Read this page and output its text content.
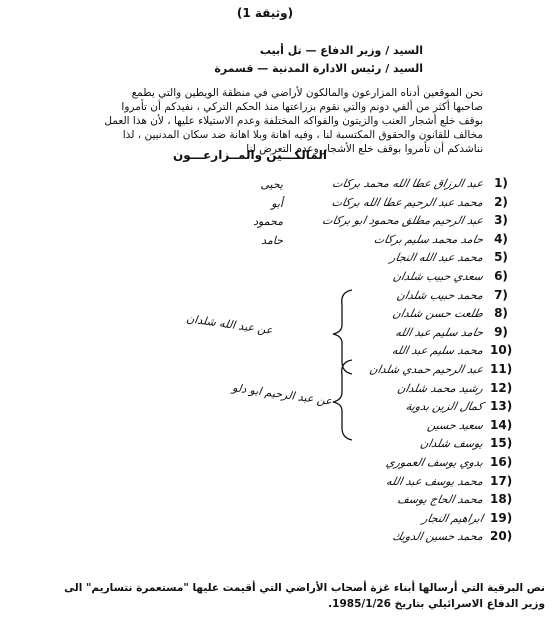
(وثيقة 1)
السيد / وزير الدفاع — تل أبيب
السيد / رئيس الادارة المدنية — قسمرة
نحن الموقعين أدناه المزارعون والمالكون لأراضي في منطقة الويطين والتي يطمع
صاحبها أكثر من ألفي دونم والتي نقوم بزراعتها منذ الحكم التركي ، نفيدكم أن تأمروا
بوقف خلع أشجار العنب والزيتون والفواكه المختلفة وعدم الاستيلاء عليها ، لأن هذا العمل
مخالف للقانون والحقوق المكتسبة لنا ، وفيه اهانة وبلا اهانة ضد سكان المدنيين ، لذا
نناشدكم أن تأمروا بوقف خلع الأشجار وعدم التعرض لنا
المالكـــين والمــزارعـــون
1)
عبد الرزاق عطا الله محمد بركات
يحيى
2)
محمد عبد الرحيم عطا الله بركات
أبو
3)
عبد الرحيم مطلق محمود ابو بركات
محمود
4)
حامد محمد سليم بركات
حامد
5)
محمد عبد الله النجار
6)
سعدي حبيب شلدان
7)
محمد حبيب شلدان
8)
طلعت حسن شلدان
9)
حامد سليم عبد الله
10)
محمد سليم عبد الله
11)
عبد الرحيم حمدي شلدان
12)
رشيد محمد شلدان
13)
كمال الزين بدوية
14)
سعيد حسين
15)
يوسف شلدان
16)
بدوي يوسف العموري
17)
محمد يوسف عبد الله
18)
محمد الحاج يوسف
19)
ابراهيم النجار
20)
محمد حسين الدويك
عن عبد الله شلدان
عن عبد الرحيم ابو دلو
نص البرقية التي أرسالها أبناء غزة أصحاب الأراضي التي أقيمت عليها "مستعمرة نتساريم" الى
وزير الدفاع الاسرائيلي بتاريخ 1985/1/26.
